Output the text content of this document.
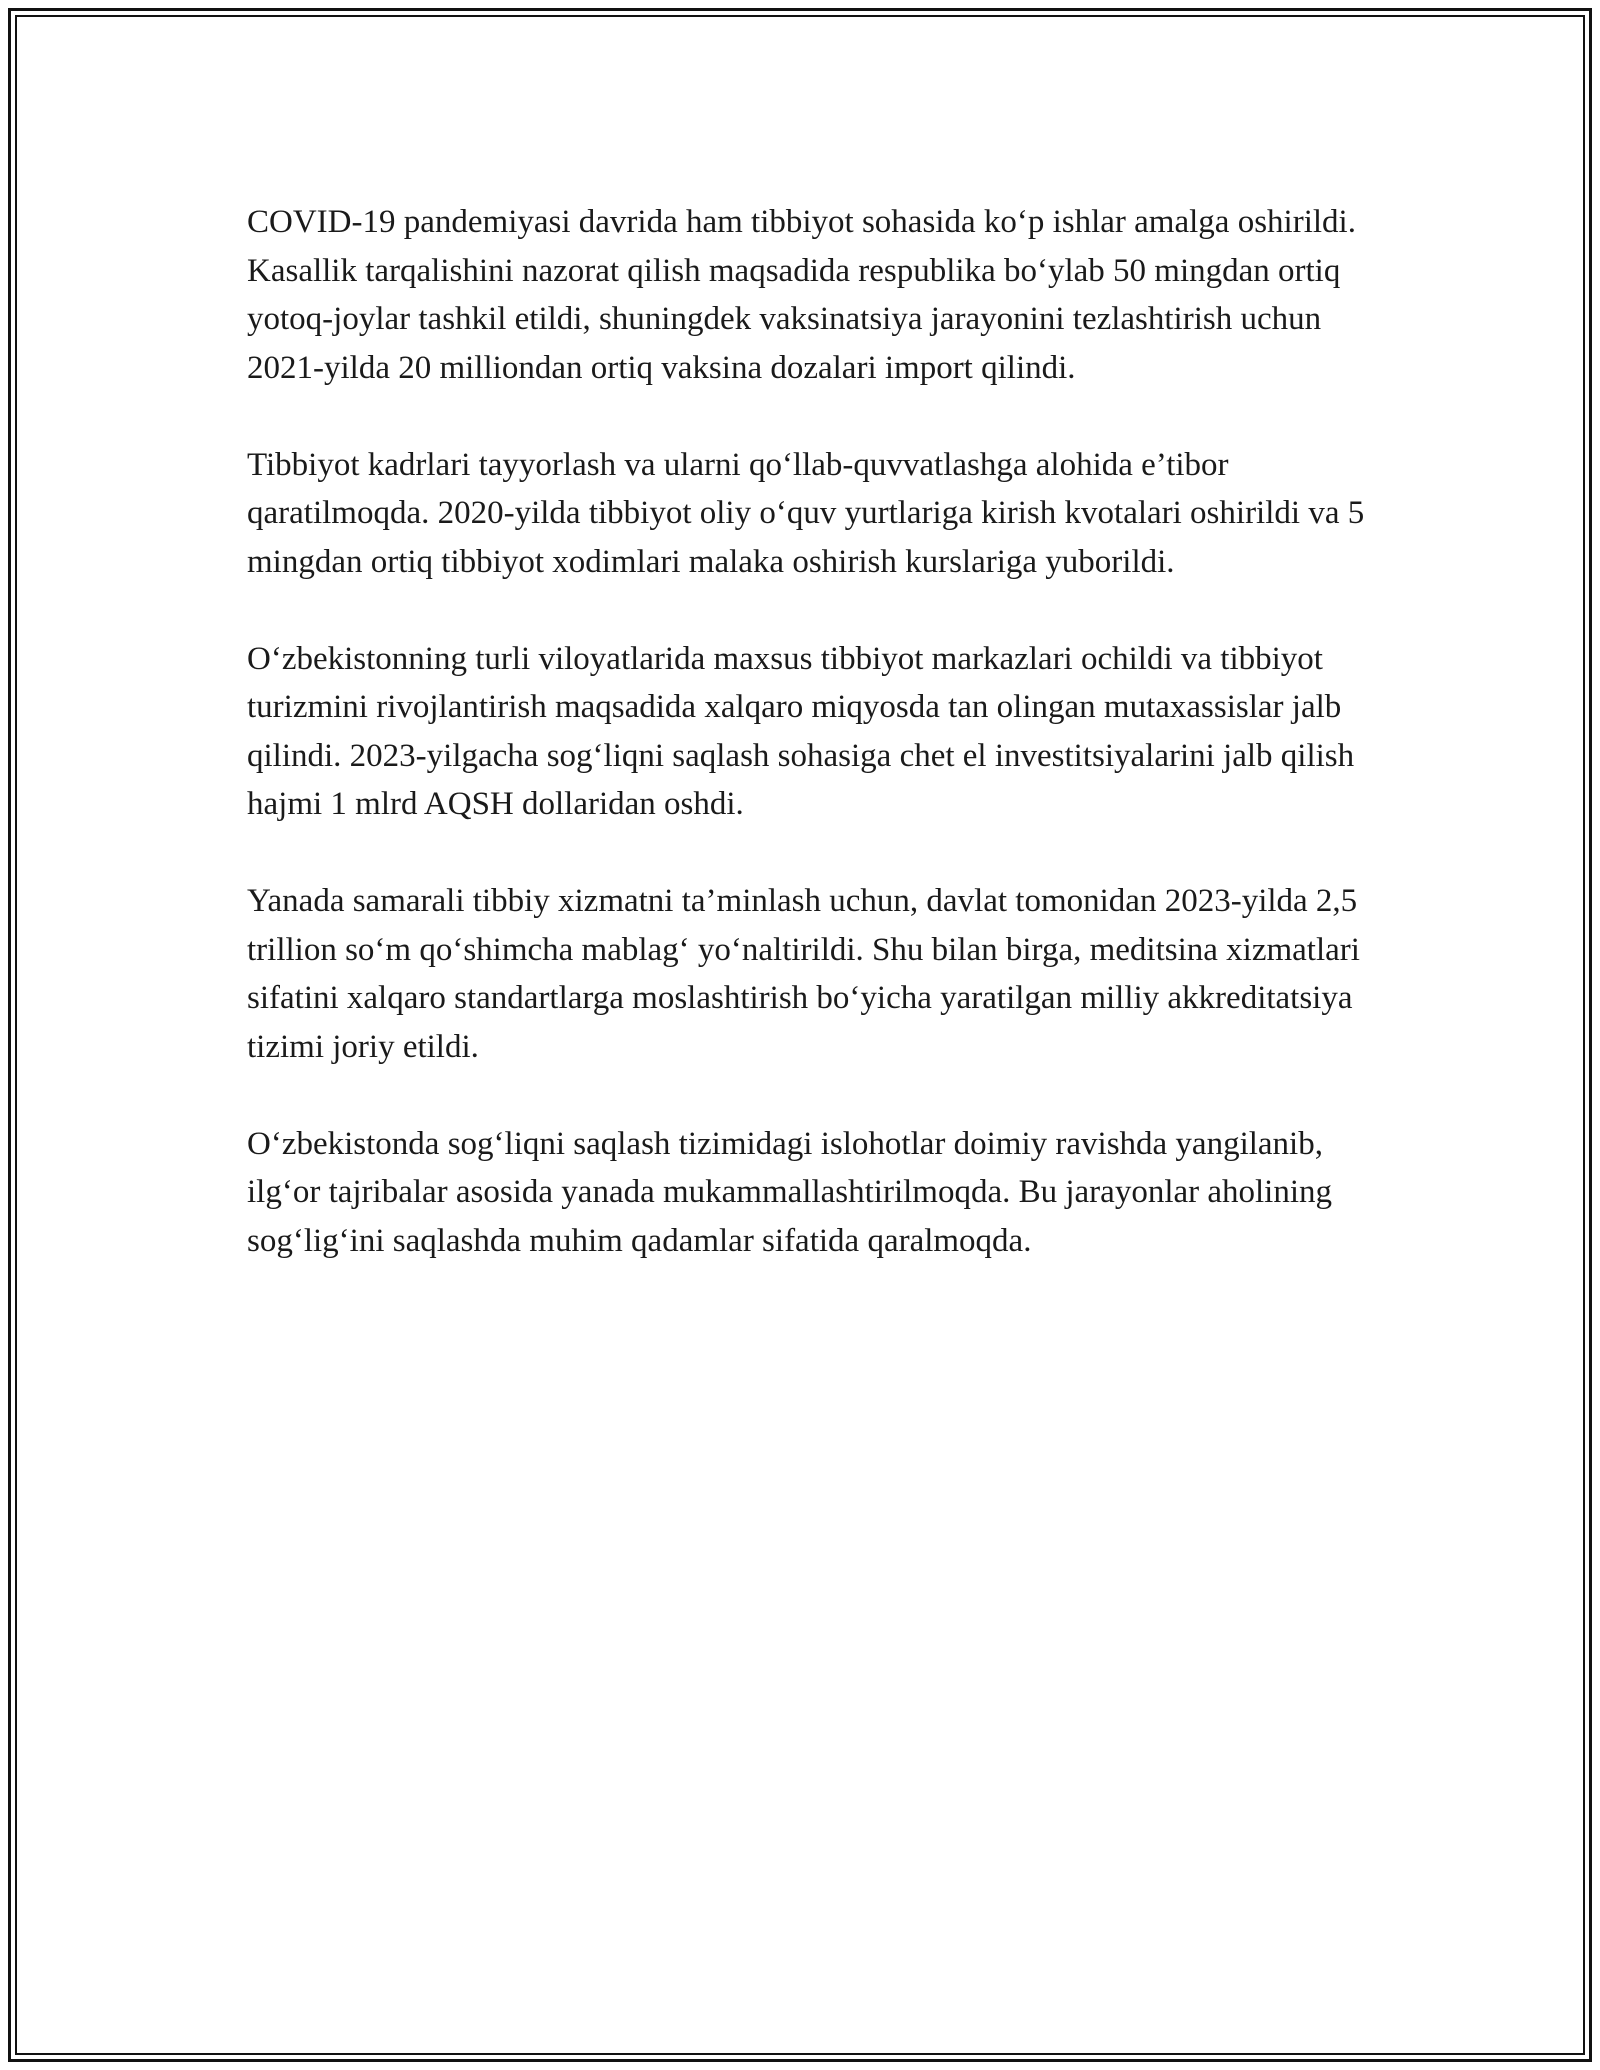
COVID-19 pandemiyasi davrida ham tibbiyot sohasida ko‘p ishlar amalga oshirildi. Kasallik tarqalishini nazorat qilish maqsadida respublika bo‘ylab 50 mingdan ortiq yotoq-joylar tashkil etildi, shuningdek vaksinatsiya jarayonini tezlashtirish uchun 2021-yilda 20 milliondan ortiq vaksina dozalari import qilindi.

Tibbiyot kadrlari tayyorlash va ularni qo‘llab-quvvatlashga alohida e’tibor qaratilmoqda. 2020-yilda tibbiyot oliy o‘quv yurtlariga kirish kvotalari oshirildi va 5 mingdan ortiq tibbiyot xodimlari malaka oshirish kurslariga yuborildi.

O‘zbekistonning turli viloyatlarida maxsus tibbiyot markazlari ochildi va tibbiyot turizmini rivojlantirish maqsadida xalqaro miqyosda tan olingan mutaxassislar jalb qilindi. 2023-yilgacha sog‘liqni saqlash sohasiga chet el investitsiyalarini jalb qilish hajmi 1 mlrd AQSH dollaridan oshdi.

Yanada samarali tibbiy xizmatni ta’minlash uchun, davlat tomonidan 2023-yilda 2,5 trillion so‘m qo‘shimcha mablag‘ yo‘naltirildi. Shu bilan birga, meditsina xizmatlari sifatini xalqaro standartlarga moslashtirish bo‘yicha yaratilgan milliy akkreditatsiya tizimi joriy etildi.

O‘zbekistonda sog‘liqni saqlash tizimidagi islohotlar doimiy ravishda yangilanib, ilg‘or tajribalar asosida yanada mukammallashtirilmoqda. Bu jarayonlar aholining sog‘lig‘ini saqlashda muhim qadamlar sifatida qaralmoqda.
